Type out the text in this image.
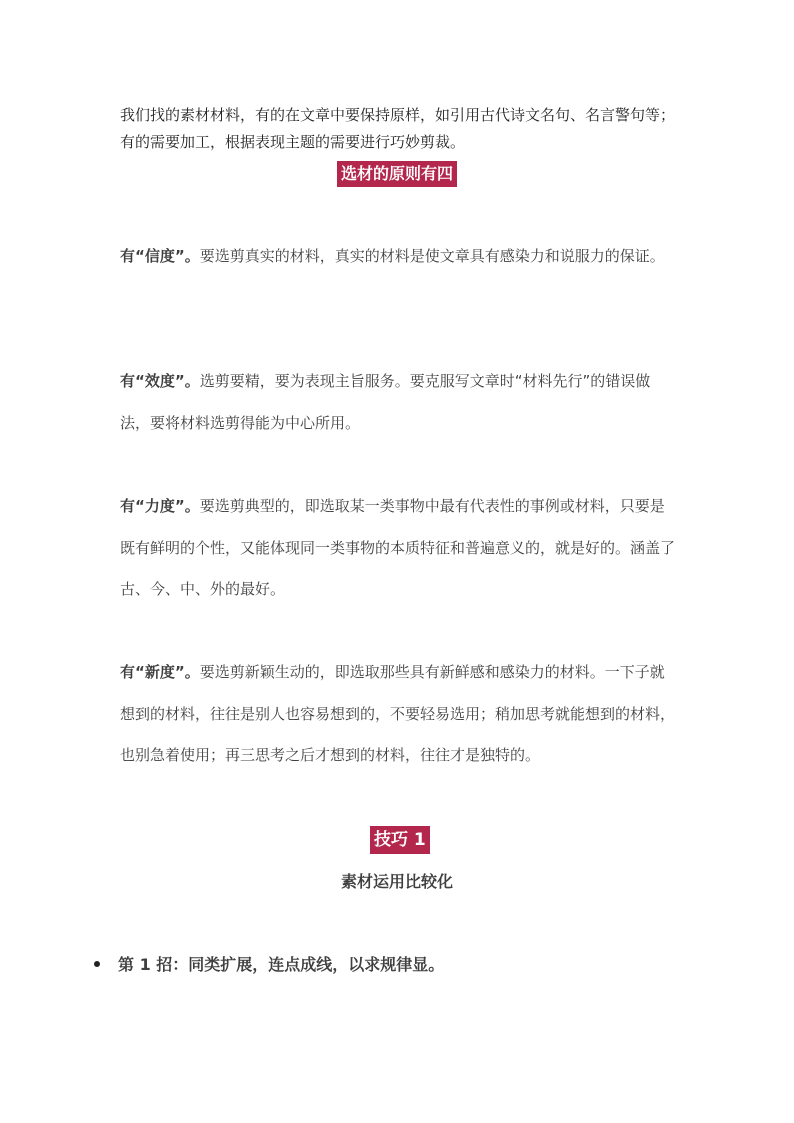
我们找的素材材料，有的在文章中要保持原样，如引用古代诗文名句、名言警句等；有的需要加工，根据表现主题的需要进行巧妙剪裁。
选材的原则有四
有“信度”。要选剪真实的材料，真实的材料是使文章具有感染力和说服力的保证。
有“效度”。选剪要精，要为表现主旨服务。要克服写文章时“材料先行”的错误做法，要将材料选剪得能为中心所用。
有“力度”。要选剪典型的，即选取某一类事物中最有代表性的事例或材料，只要是既有鲜明的个性，又能体现同一类事物的本质特征和普遍意义的，就是好的。涵盖了古、今、中、外的最好。
有“新度”。要选剪新颖生动的，即选取那些具有新鲜感和感染力的材料。一下子就想到的材料，往往是别人也容易想到的，不要轻易选用；稍加思考就能想到的材料，也别急着使用；再三思考之后才想到的材料，往往才是独特的。
技巧 1
素材运用比较化
第 1 招：同类扩展，连点成线，以求规律显。
